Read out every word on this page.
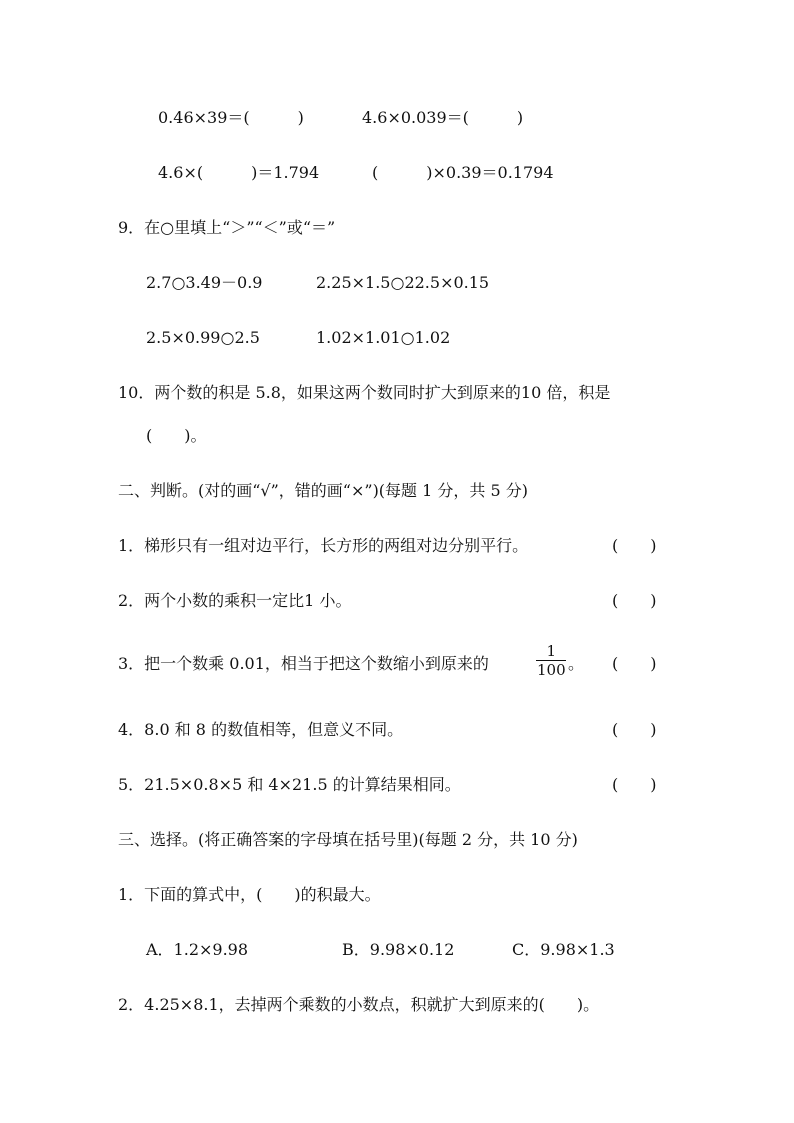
0.46×39＝(　　　)	4.6×0.039＝(　　　)
4.6×(　　　)＝1.794	(　　　)×0.39＝0.1794
9．在○里填上“＞”“＜”或“＝”
2.7○3.49－0.9	2.25×1.5○22.5×0.15
2.5×0.99○2.5	1.02×1.01○1.02
10．两个数的积是 5.8，如果这两个数同时扩大到原来的10 倍，积是
(　　)。
二、判断。(对的画“√”，错的画“×”)(每题 1 分，共 5 分)
1．梯形只有一组对边平行，长方形的两组对边分别平行。	(　　)
2．两个小数的乘积一定比1 小。	(　　)
3．把一个数乘 0.01，相当于把这个数缩小到原来的
1
100 。 (　　)
4．8.0 和 8 的数值相等，但意义不同。	(　　)
5．21.5×0.8×5 和 4×21.5 的计算结果相同。	(　　)
三、选择。(将正确答案的字母填在括号里)(每题 2 分，共 10 分)
1．下面的算式中，(　　)的积最大。
A．1.2×9.98	B．9.98×0.12	C．9.98×1.3
2．4.25×8.1，去掉两个乘数的小数点，积就扩大到原来的(　　)。
